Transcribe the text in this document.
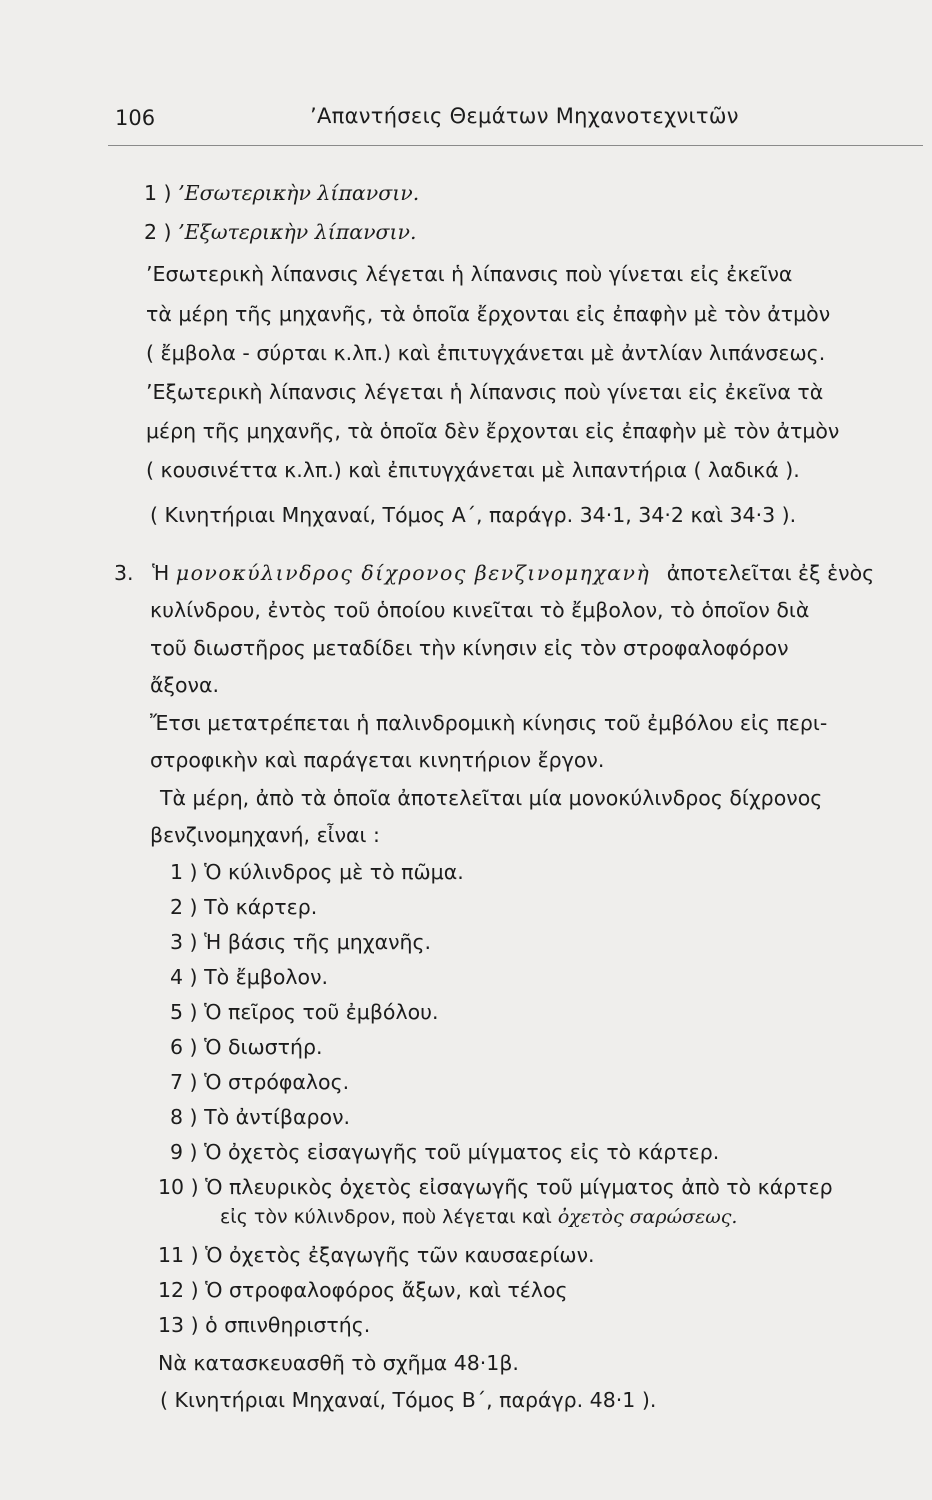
106	’Απαντήσεις Θεμάτων Μηχανοτεχνιτῶν
1 ) ’Εσωτερικὴν λίπανσιν.
2 ) ’Εξωτερικὴν λίπανσιν.
’Εσωτερικὴ λίπανσις λέγεται ἡ λίπανσις ποὺ γίνεται εἰς ἐκεῖνα
τὰ μέρη τῆς μηχανῆς, τὰ ὁποῖα ἔρχονται εἰς ἐπαφὴν μὲ τὸν ἀτμὸν
( ἔμβολα - σύρται κ.λπ.) καὶ ἐπιτυγχάνεται μὲ ἀντλίαν λιπάνσεως.
’Εξωτερικὴ λίπανσις λέγεται ἡ λίπανσις ποὺ γίνεται εἰς ἐκεῖνα τὰ
μέρη τῆς μηχανῆς, τὰ ὁποῖα δὲν ἔρχονται εἰς ἐπαφὴν μὲ τὸν ἀτμὸν
( κουσινέττα κ.λπ.) καὶ ἐπιτυγχάνεται μὲ λιπαντήρια ( λαδικά ).
( Κινητήριαι Μηχαναί, Τόμος Α΄, παράγρ. 34·1, 34·2 καὶ 34·3 ).
3. Ἡ μονοκύλινδρος δίχρονος βενζινομηχανὴ ἀποτελεῖται ἐξ ἑνὸς
κυλίνδρου, ἐντὸς τοῦ ὁποίου κινεῖται τὸ ἔμβολον, τὸ ὁποῖον διὰ
τοῦ διωστῆρος μεταδίδει τὴν κίνησιν εἰς τὸν στροφαλοφόρον
ἄξονα.
Ἔτσι μετατρέπεται ἡ παλινδρομικὴ κίνησις τοῦ ἐμβόλου εἰς περι-
στροφικὴν καὶ παράγεται κινητήριον ἔργον.
Τὰ μέρη, ἀπὸ τὰ ὁποῖα ἀποτελεῖται μία μονοκύλινδρος δίχρονος
βενζινομηχανή, εἶναι :
1 ) Ὁ κύλινδρος μὲ τὸ πῶμα.
2 ) Τὸ κάρτερ.
3 ) Ἡ βάσις τῆς μηχανῆς.
4 ) Τὸ ἔμβολον.
5 ) Ὁ πεῖρος τοῦ ἐμβόλου.
6 ) Ὁ διωστήρ.
7 ) Ὁ στρόφαλος.
8 ) Τὸ ἀντίβαρον.
9 ) Ὁ ὀχετὸς εἰσαγωγῆς τοῦ μίγματος εἰς τὸ κάρτερ.
10 ) Ὁ πλευρικὸς ὀχετὸς εἰσαγωγῆς τοῦ μίγματος ἀπὸ τὸ κάρτερ
εἰς τὸν κύλινδρον, ποὺ λέγεται καὶ ὀχετὸς σαρώσεως.
11 ) Ὁ ὀχετὸς ἐξαγωγῆς τῶν καυσαερίων.
12 ) Ὁ στροφαλοφόρος ἄξων, καὶ τέλος
13 ) ὁ σπινθηριστής.
Νὰ κατασκευασθῆ τὸ σχῆμα 48·1β.
( Κινητήριαι Μηχαναί, Τόμος Β΄, παράγρ. 48·1 ).
